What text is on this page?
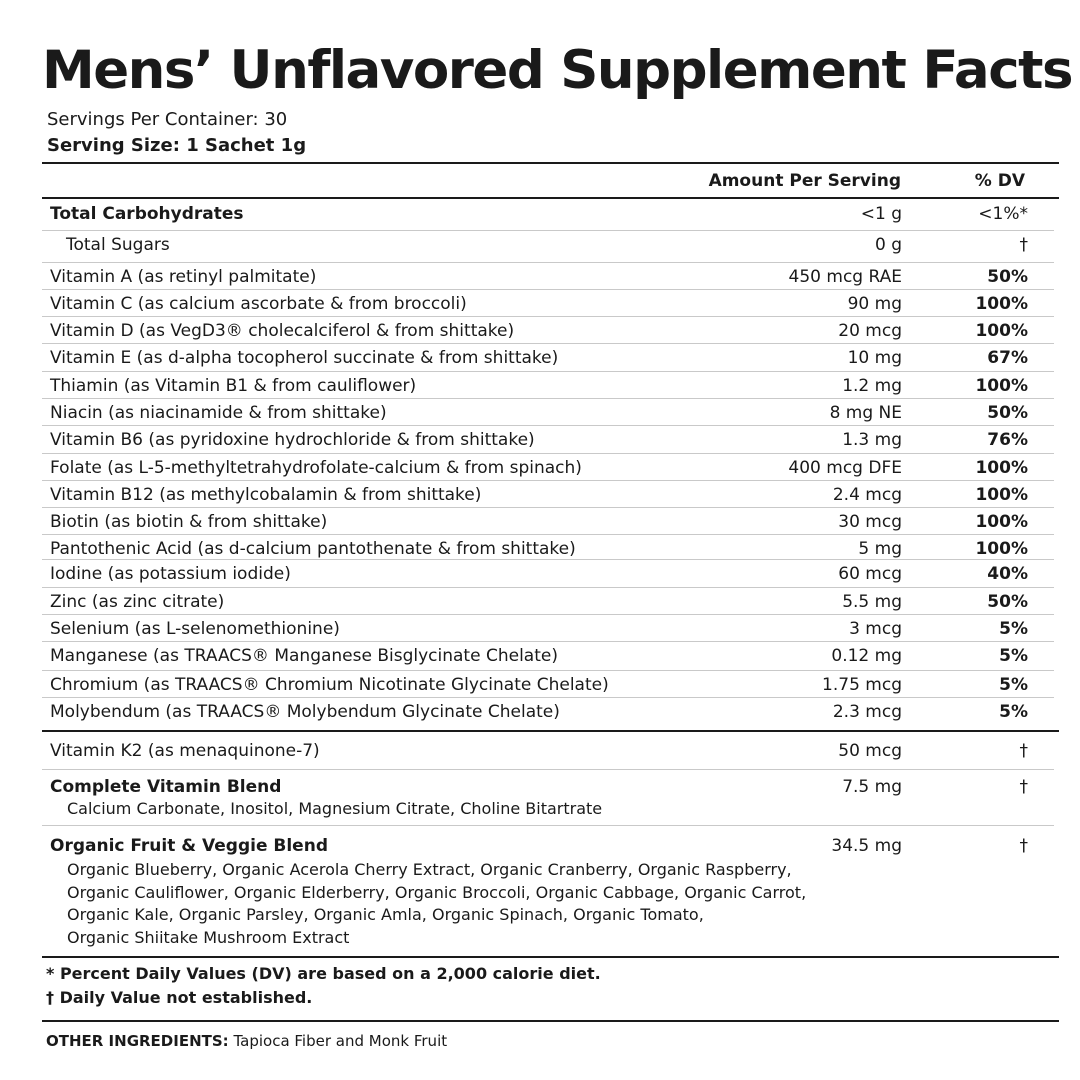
Mens’ Unflavored Supplement Facts
Servings Per Container: 30
Serving Size: 1 Sachet 1g
Amount Per Serving	% DV
Total Carbohydrates	<1 g	<1%*
Total Sugars	0 g	†
Vitamin A (as retinyl palmitate)	450 mcg RAE	50%
Vitamin C (as calcium ascorbate & from broccoli)	90 mg	100%
Vitamin D (as VegD3® cholecalciferol & from shittake)	20 mcg	100%
Vitamin E (as d-alpha tocopherol succinate & from shittake)	10 mg	67%
Thiamin (as Vitamin B1 & from cauliflower)	1.2 mg	100%
Niacin (as niacinamide & from shittake)	8 mg NE	50%
Vitamin B6 (as pyridoxine hydrochloride & from shittake)	1.3 mg	76%
Folate (as L-5-methyltetrahydrofolate-calcium & from spinach)	400 mcg DFE	100%
Vitamin B12 (as methylcobalamin & from shittake)	2.4 mcg	100%
Biotin (as biotin & from shittake)	30 mcg	100%
Pantothenic Acid (as d-calcium pantothenate & from shittake)	5 mg	100%
Iodine (as potassium iodide)	60 mcg	40%
Zinc (as zinc citrate)	5.5 mg	50%
Selenium (as L-selenomethionine)	3 mcg	5%
Manganese (as TRAACS® Manganese Bisglycinate Chelate)	0.12 mg	5%
Chromium (as TRAACS® Chromium Nicotinate Glycinate Chelate)	1.75 mcg	5%
Molybendum (as TRAACS® Molybendum Glycinate Chelate)	2.3 mcg	5%
Vitamin K2 (as menaquinone-7)	50 mcg	†
Complete Vitamin Blend	7.5 mg	†
Calcium Carbonate, Inositol, Magnesium Citrate, Choline Bitartrate
Organic Fruit & Veggie Blend	34.5 mg	†
Organic Blueberry, Organic Acerola Cherry Extract, Organic Cranberry, Organic Raspberry,
Organic Cauliflower, Organic Elderberry, Organic Broccoli, Organic Cabbage, Organic Carrot,
Organic Kale, Organic Parsley, Organic Amla, Organic Spinach, Organic Tomato,
Organic Shiitake Mushroom Extract
* Percent Daily Values (DV) are based on a 2,000 calorie diet.
† Daily Value not established.
OTHER INGREDIENTS: Tapioca Fiber and Monk Fruit
